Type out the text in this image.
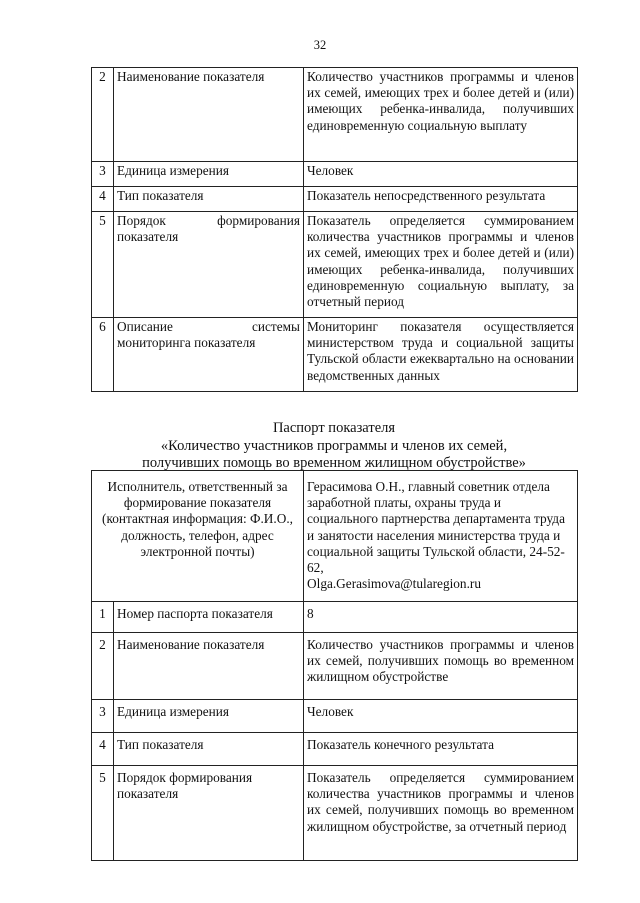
32
2	Наименование показателя	Количество участников программы и членов их семей, имеющих трех и более детей и (или) имеющих ребенка-инвалида, получивших единовременную социальную выплату
3	Единица измерения	Человек
4	Тип показателя	Показатель непосредственного результата
5	Порядок формирования показателя	Показатель определяется суммированием количества участников программы и членов их семей, имеющих трех и более детей и (или) имеющих ребенка-инвалида, получивших единовременную социальную выплату, за отчетный период
6	Описание системы мониторинга показателя	Мониторинг показателя осуществляется министерством труда и социальной защиты Тульской области ежеквартально на основании ведомственных данных
Паспорт показателя
«Количество участников программы и членов их семей,
получивших помощь во временном жилищном обустройстве»
Исполнитель, ответственный за формирование показателя (контактная информация: Ф.И.О., должность, телефон, адрес электронной почты)		Герасимова О.Н., главный советник отдела заработной платы, охраны труда и социального партнерства департамента труда и занятости населения министерства труда и социальной защиты Тульской области, 24-52-62,
Olga.Gerasimova@tularegion.ru

1	Номер паспорта показателя	8
2	Наименование показателя	Количество участников программы и членов их семей, получивших помощь во временном жилищном обустройстве
3	Единица измерения	Человек
4	Тип показателя	Показатель конечного результата
5	Порядок формирования показателя	Показатель определяется суммированием количества участников программы и членов их семей, получивших помощь во временном жилищном обустройстве, за отчетный период
